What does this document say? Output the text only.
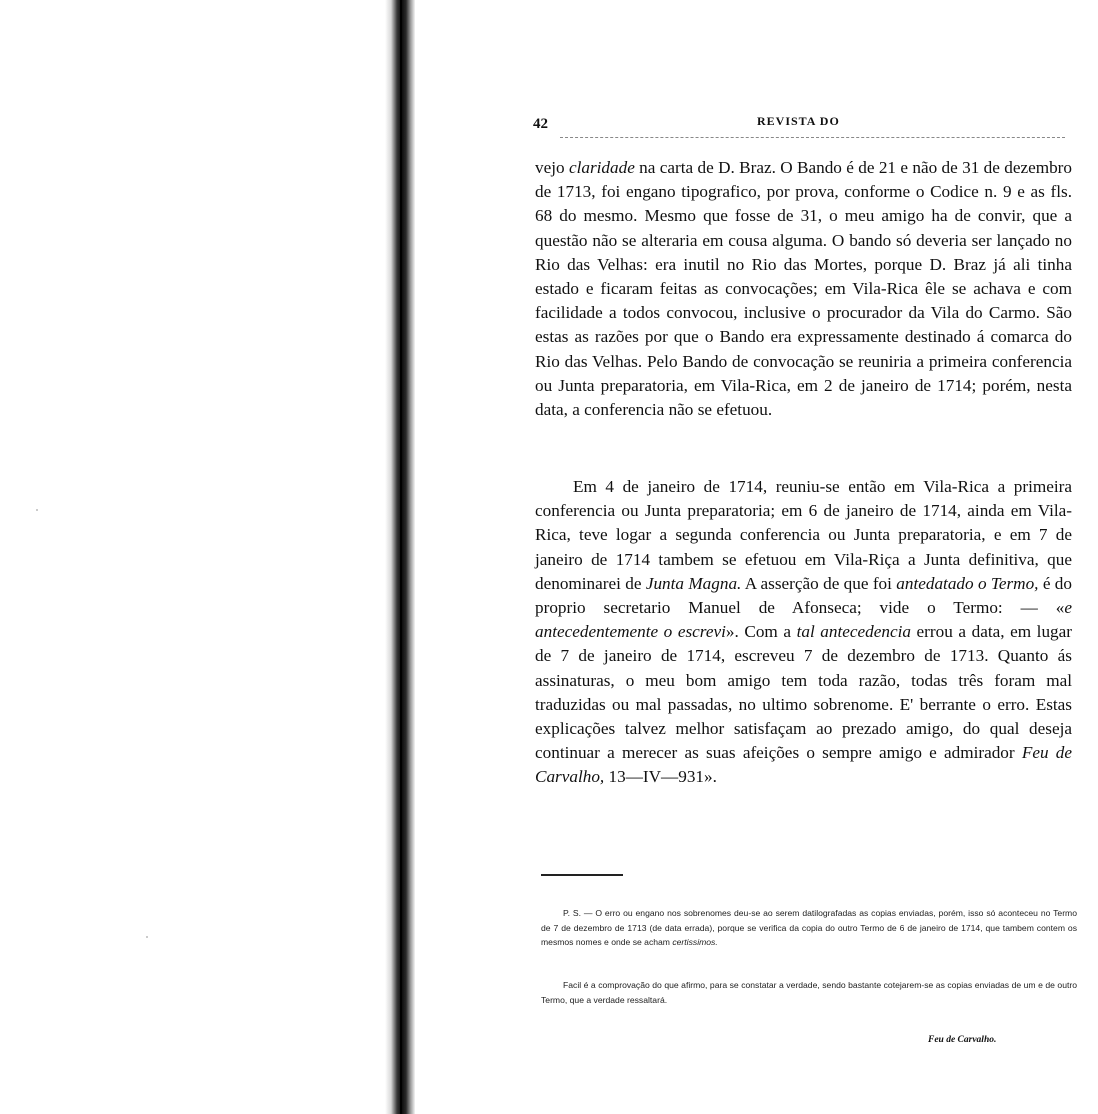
42	REVISTA DO

vejo claridade na carta de D. Braz. O Bando é de 21 e não de 31 de dezembro de 1713, foi engano tipografico, por prova, conforme o Codice n. 9 e as fls. 68 do mesmo. Mesmo que fosse de 31, o meu amigo ha de convir, que a questão não se alteraria em cousa alguma. O bando só deveria ser lançado no Rio das Velhas: era inutil no Rio das Mortes, porque D. Braz já ali tinha estado e ficaram feitas as convocações; em Vila-Rica êle se achava e com facilidade a todos convocou, inclusive o procurador da Vila do Carmo. São estas as razões por que o Bando era expressamente destinado á comarca do Rio das Velhas. Pelo Bando de convocação se reuniria a primeira conferencia ou Junta preparatoria, em Vila-Rica, em 2 de janeiro de 1714; porém, nesta data, a conferencia não se efetuou.

Em 4 de janeiro de 1714, reuniu-se então em Vila-Rica a primeira conferencia ou Junta preparatoria; em 6 de janeiro de 1714, ainda em Vila-Rica, teve logar a segunda conferencia ou Junta preparatoria, e em 7 de janeiro de 1714 tambem se efetuou em Vila-Riça a Junta definitiva, que denominarei de Junta Magna. A asserção de que foi antedatado o Termo, é do proprio secretario Manuel de Afonseca; vide o Termo: — «e antecedentemente o escrevi». Com a tal antecedencia errou a data, em lugar de 7 de janeiro de 1714, escreveu 7 de dezembro de 1713. Quanto ás assinaturas, o meu bom amigo tem toda razão, todas três foram mal traduzidas ou mal passadas, no ultimo sobrenome. E' berrante o erro. Estas explicações talvez melhor satisfaçam ao prezado amigo, do qual deseja continuar a merecer as suas afeições o sempre amigo e admirador Feu de Carvalho, 13—IV—931».

P. S. — O erro ou engano nos sobrenomes deu-se ao serem datilografadas as copias enviadas, porém, isso só aconteceu no Termo de 7 de dezembro de 1713 (de data errada), porque se verifica da copia do outro Termo de 6 de janeiro de 1714, que tambem contem os mesmos nomes e onde se acham certissimos.

Facil é a comprovação do que afirmo, para se constatar a verdade, sendo bastante cotejarem-se as copias enviadas de um e de outro Termo, que a verdade ressaltará.

Feu de Carvalho.
